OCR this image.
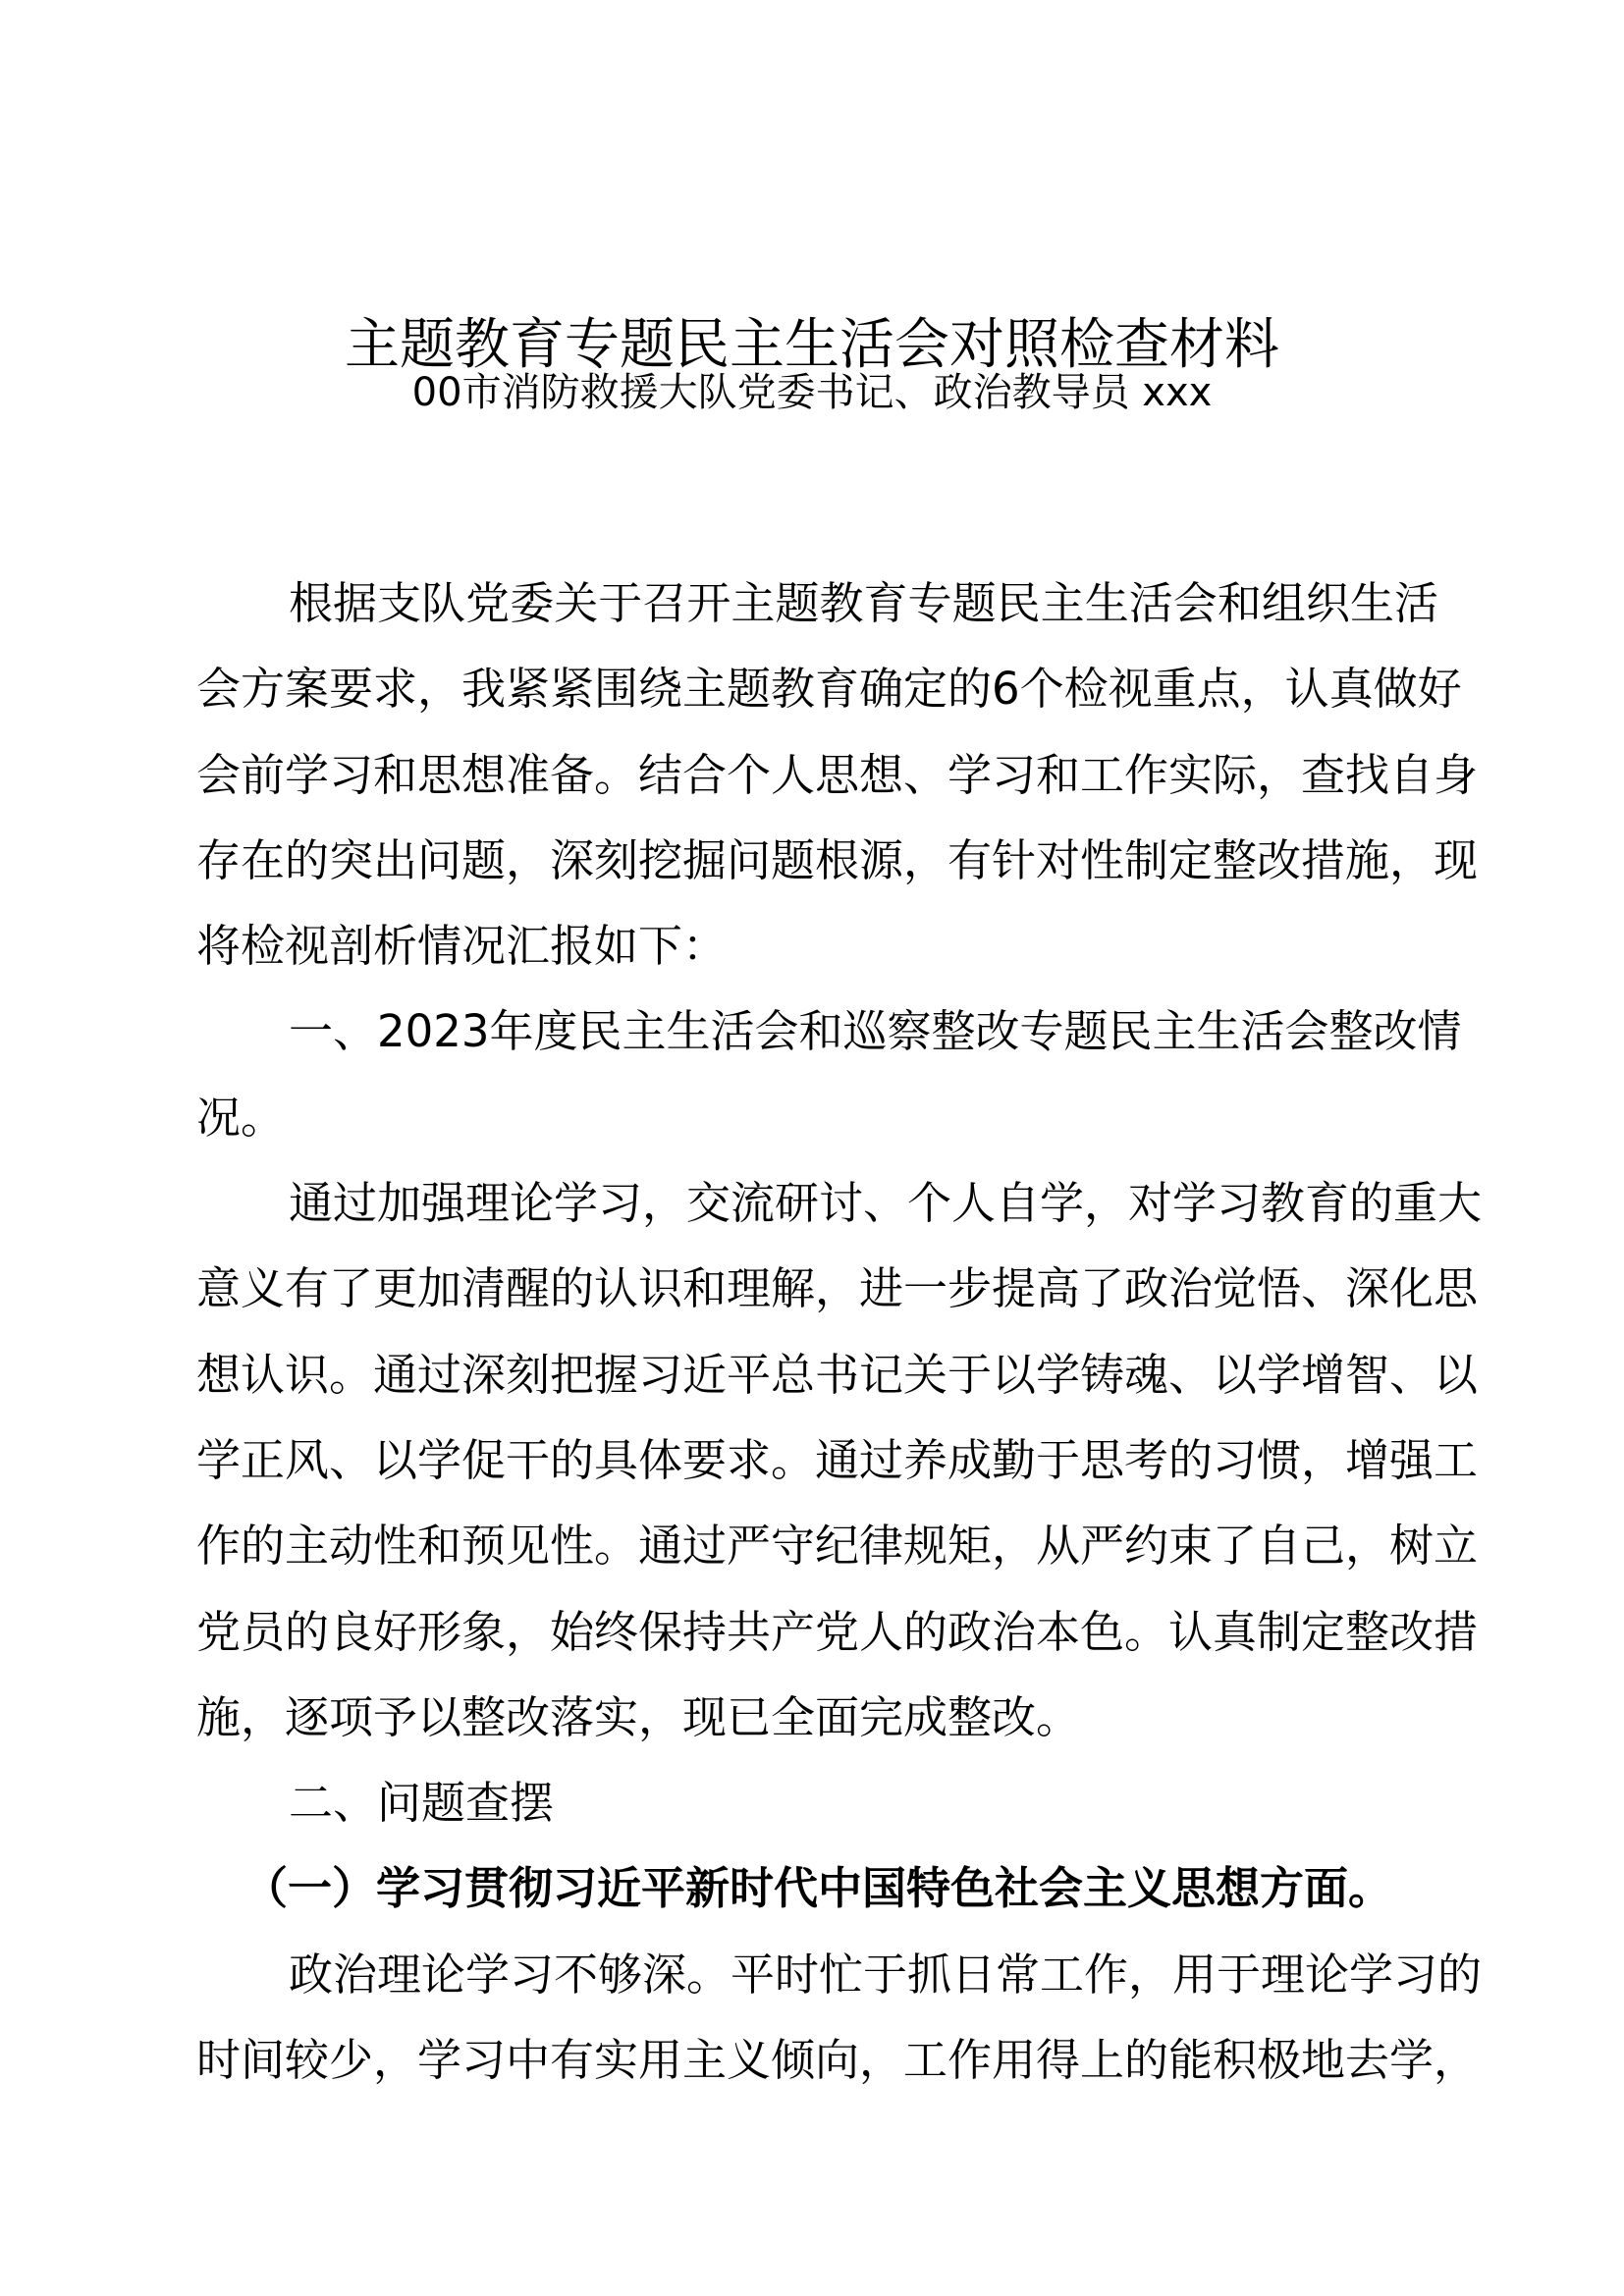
主题教育专题民主生活会对照检查材料
00市消防救援大队党委书记、政治教导员 xxx
根据支队党委关于召开主题教育专题民主生活会和组织生活
会方案要求，我紧紧围绕主题教育确定的6个检视重点，认真做好
会前学习和思想准备。结合个人思想、学习和工作实际，查找自身
存在的突出问题，深刻挖掘问题根源，有针对性制定整改措施，现
将检视剖析情况汇报如下：
一、2023年度民主生活会和巡察整改专题民主生活会整改情
况。
通过加强理论学习，交流研讨、个人自学，对学习教育的重大
意义有了更加清醒的认识和理解，进一步提高了政治觉悟、深化思
想认识。通过深刻把握习近平总书记关于以学铸魂、以学增智、以
学正风、以学促干的具体要求。通过养成勤于思考的习惯，增强工
作的主动性和预见性。通过严守纪律规矩，从严约束了自己，树立
党员的良好形象，始终保持共产党人的政治本色。认真制定整改措
施，逐项予以整改落实，现已全面完成整改。
二、问题查摆
（一）学习贯彻习近平新时代中国特色社会主义思想方面。
政治理论学习不够深。平时忙于抓日常工作，用于理论学习的
时间较少，学习中有实用主义倾向，工作用得上的能积极地去学，
